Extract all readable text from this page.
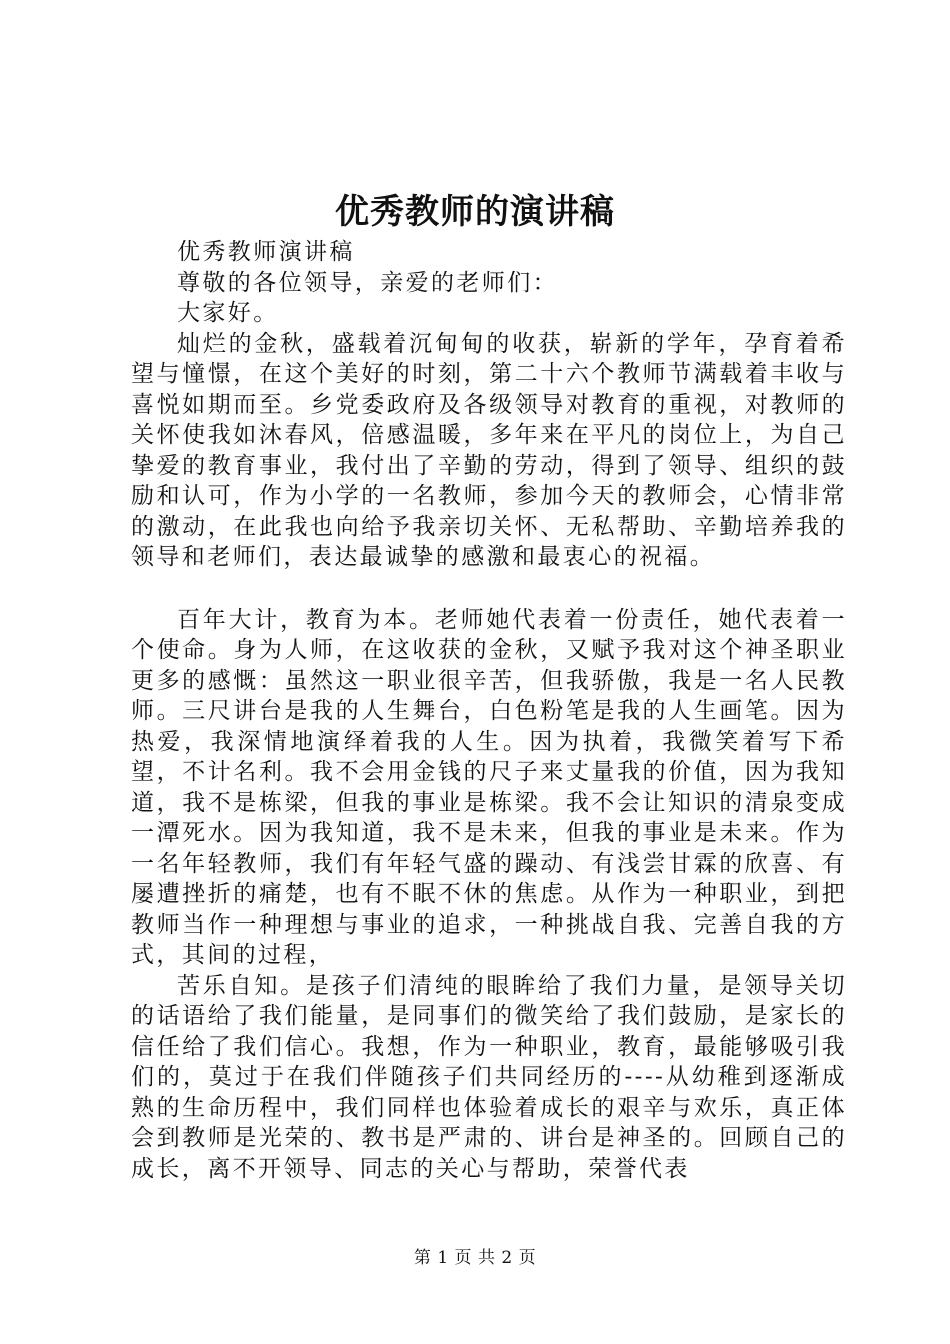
优秀教师的演讲稿

优秀教师演讲稿

尊敬的各位领导，亲爱的老师们：

大家好。

灿烂的金秋，盛载着沉甸甸的收获，崭新的学年，孕育着希望与憧憬，在这个美好的时刻，第二十六个教师节满载着丰收与喜悦如期而至。乡党委政府及各级领导对教育的重视，对教师的关怀使我如沐春风，倍感温暖，多年来在平凡的岗位上，为自己挚爱的教育事业，我付出了辛勤的劳动，得到了领导、组织的鼓励和认可，作为小学的一名教师，参加今天的教师会，心情非常的激动，在此我也向给予我亲切关怀、无私帮助、辛勤培养我的领导和老师们，表达最诚挚的感激和最衷心的祝福。

百年大计，教育为本。老师她代表着一份责任，她代表着一个使命。身为人师，在这收获的金秋，又赋予我对这个神圣职业更多的感慨：虽然这一职业很辛苦，但我骄傲，我是一名人民教师。三尺讲台是我的人生舞台，白色粉笔是我的人生画笔。因为热爱，我深情地演绎着我的人生。因为执着，我微笑着写下希望，不计名利。我不会用金钱的尺子来丈量我的价值，因为我知道，我不是栋梁，但我的事业是栋梁。我不会让知识的清泉变成一潭死水。因为我知道，我不是未来，但我的事业是未来。作为一名年轻教师，我们有年轻气盛的躁动、有浅尝甘霖的欣喜、有屡遭挫折的痛楚，也有不眠不休的焦虑。从作为一种职业，到把教师当作一种理想与事业的追求，一种挑战自我、完善自我的方式，其间的过程，

苦乐自知。是孩子们清纯的眼眸给了我们力量，是领导关切的话语给了我们能量，是同事们的微笑给了我们鼓励，是家长的信任给了我们信心。我想，作为一种职业，教育，最能够吸引我们的，莫过于在我们伴随孩子们共同经历的----从幼稚到逐渐成熟的生命历程中，我们同样也体验着成长的艰辛与欢乐，真正体会到教师是光荣的、教书是严肃的、讲台是神圣的。回顾自己的成长，离不开领导、同志的关心与帮助，荣誉代表

第 1 页 共 2 页
